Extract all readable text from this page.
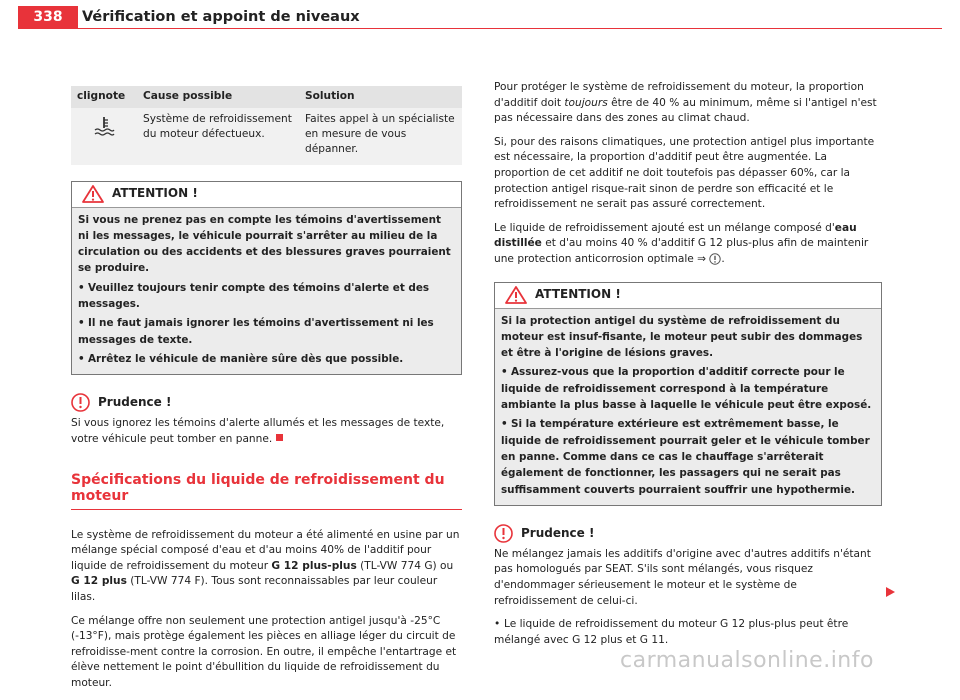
338	Vérification et appoint de niveaux
clignote	Cause possible	Solution

	Système de refroidissement du moteur défectueux.	Faites appel à un spécialiste en mesure de vous dépanner.
ATTENTION !

Si vous ne prenez pas en compte les témoins d'avertissement ni les messages, le véhicule pourrait s'arrêter au milieu de la circulation ou des accidents et des blessures graves pourraient se produire.

• Veuillez toujours tenir compte des témoins d'alerte et des messages.

• Il ne faut jamais ignorer les témoins d'avertissement ni les messages de texte.

• Arrêtez le véhicule de manière sûre dès que possible.

Prudence !

Si vous ignorez les témoins d'alerte allumés et les messages de texte, votre véhicule peut tomber en panne.

Spécifications du liquide de refroidissement du moteur

Le système de refroidissement du moteur a été alimenté en usine par un mélange spécial composé d'eau et d'au moins 40% de l'additif pour liquide de refroidissement du moteur G 12 plus-plus (TL-VW 774 G) ou G 12 plus (TL-VW 774 F). Tous sont reconnaissables par leur couleur lilas.

Ce mélange offre non seulement une protection antigel jusqu'à -25°C (-13°F), mais protège également les pièces en alliage léger du circuit de refroidisse-ment contre la corrosion. En outre, il empêche l'entartrage et élève nettement le point d'ébullition du liquide de refroidissement du moteur.

Pour protéger le système de refroidissement du moteur, la proportion d'additif doit toujours être de 40 % au minimum, même si l'antigel n'est pas nécessaire dans des zones au climat chaud.

Si, pour des raisons climatiques, une protection antigel plus importante est nécessaire, la proportion d'additif peut être augmentée. La proportion de cet additif ne doit toutefois pas dépasser 60%, car la protection antigel risque-rait sinon de perdre son efficacité et le refroidissement ne serait pas assuré correctement.

Le liquide de refroidissement ajouté est un mélange composé d'eau distillée et d'au moins 40 % d'additif G 12 plus-plus afin de maintenir une protection anticorrosion optimale ⇒ .

ATTENTION !

Si la protection antigel du système de refroidissement du moteur est insuf-fisante, le moteur peut subir des dommages et être à l'origine de lésions graves.

• Assurez-vous que la proportion d'additif correcte pour le liquide de refroidissement correspond à la température ambiante la plus basse à laquelle le véhicule peut être exposé.

• Si la température extérieure est extrêmement basse, le liquide de refroidissement pourrait geler et le véhicule tomber en panne. Comme dans ce cas le chauffage s'arrêterait également de fonctionner, les passagers qui ne serait pas suffisamment couverts pourraient souffrir une hypothermie.

Prudence !

Ne mélangez jamais les additifs d'origine avec d'autres additifs n'étant pas homologués par SEAT. S'ils sont mélangés, vous risquez d'endommager sérieusement le moteur et le système de refroidissement de celui-ci.

• Le liquide de refroidissement du moteur G 12 plus-plus peut être mélangé avec G 12 plus et G 11.

carmanualsonline.info
